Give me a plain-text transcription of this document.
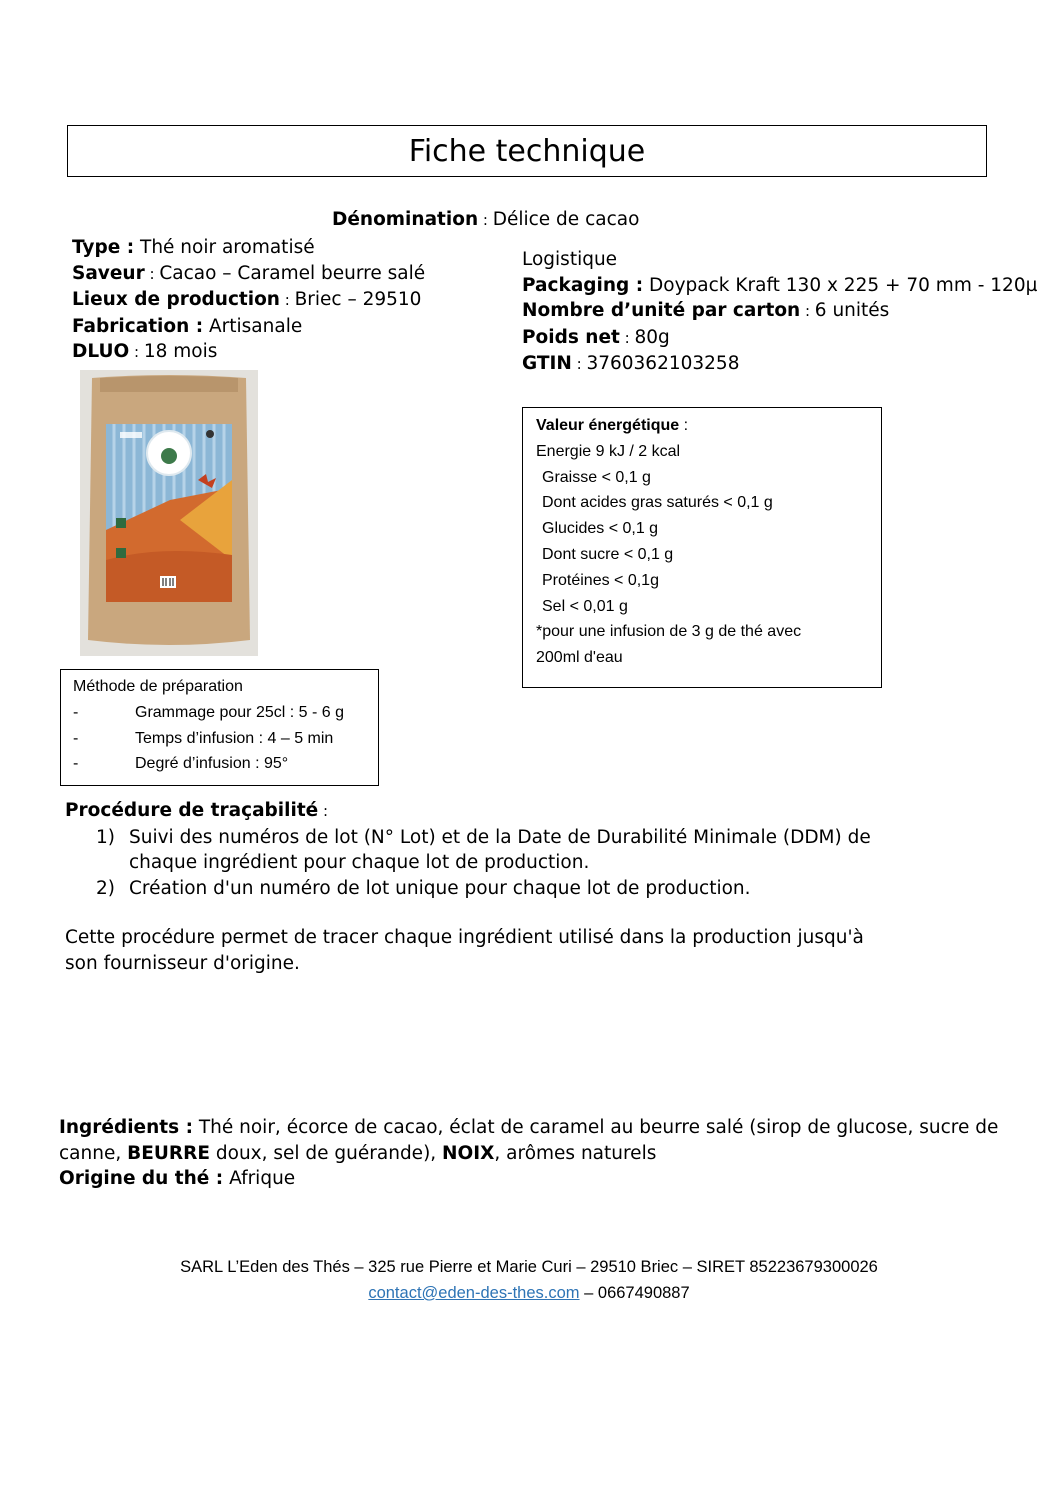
Fiche technique
Dénomination : Délice de cacao
Type : Thé noir aromatisé
Saveur : Cacao – Caramel beurre salé
Lieux de production : Briec – 29510
Fabrication : Artisanale
DLUO : 18 mois
Logistique
Packaging : Doypack Kraft 130 x 225 + 70 mm - 120µ
Nombre d’unité par carton : 6 unités
Poids net : 80g
GTIN : 3760362103258
Valeur énergétique :
Energie 9 kJ / 2 kcal
Graisse < 0,1 g
Dont acides gras saturés < 0,1 g
Glucides < 0,1 g
Dont sucre < 0,1 g
Protéines < 0,1g
Sel < 0,01 g
*pour une infusion de 3 g de thé avec
200ml d'eau
Méthode de préparation
-	Grammage pour 25cl : 5 - 6 g
-	Temps d’infusion : 4 – 5 min
-	Degré d’infusion : 95°
Procédure de traçabilité :
1) Suivi des numéros de lot (N° Lot) et de la Date de Durabilité Minimale (DDM) de
chaque ingrédient pour chaque lot de production.
2) Création d'un numéro de lot unique pour chaque lot de production.
Cette procédure permet de tracer chaque ingrédient utilisé dans la production jusqu'à
son fournisseur d'origine.
Ingrédients : Thé noir, écorce de cacao, éclat de caramel au beurre salé (sirop de glucose, sucre de
canne, BEURRE doux, sel de guérande), NOIX, arômes naturels
Origine du thé : Afrique
SARL L’Eden des Thés – 325 rue Pierre et Marie Curi – 29510 Briec – SIRET 85223679300026
contact@eden-des-thes.com – 0667490887
